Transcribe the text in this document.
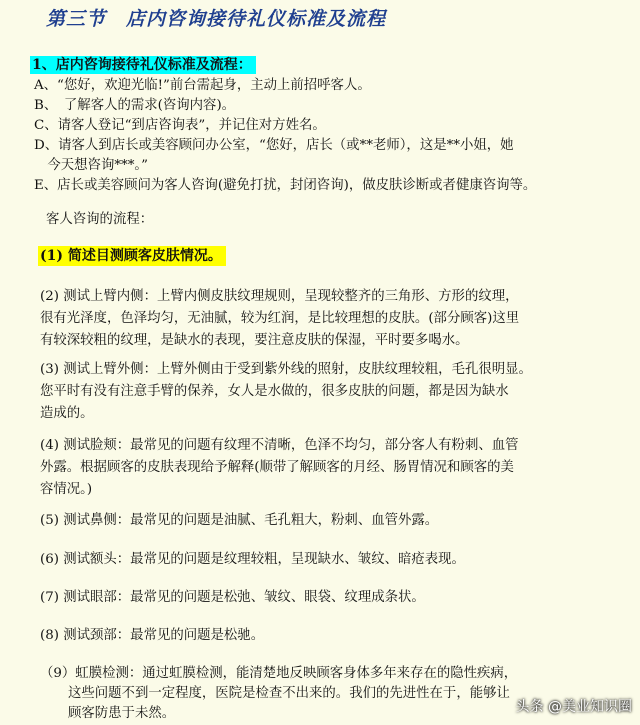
第三节　店内咨询接待礼仪标准及流程
1、店内咨询接待礼仪标准及流程：
A、“您好，欢迎光临!”前台需起身，主动上前招呼客人。
B、　了解客人的需求(咨询内容)。
C、请客人登记“到店咨询表”，并记住对方姓名。
D、请客人到店长或美容顾问办公室，“您好，店长（或**老师），这是**小姐，她
　今天想咨询***。”
E、店长或美容顾问为客人咨询(避免打扰，封闭咨询)，做皮肤诊断或者健康咨询等。
客人咨询的流程：
(1) 简述目测顾客皮肤情况。
(2) 测试上臂内侧：上臂内侧皮肤纹理规则，呈现较整齐的三角形、方形的纹理，
很有光泽度，色泽均匀，无油腻，较为红润，是比较理想的皮肤。(部分顾客)这里
有较深较粗的纹理，是缺水的表现，要注意皮肤的保湿，平时要多喝水。
(3) 测试上臂外侧：上臂外侧由于受到紫外线的照射，皮肤纹理较粗，毛孔很明显。
您平时有没有注意手臂的保养，女人是水做的，很多皮肤的问题，都是因为缺水
造成的。
(4) 测试脸颊：最常见的问题有纹理不清晰，色泽不均匀，部分客人有粉刺、血管
外露。根据顾客的皮肤表现给予解释(顺带了解顾客的月经、肠胃情况和顾客的美
容情况。)
(5) 测试鼻侧：最常见的问题是油腻、毛孔粗大，粉刺、血管外露。
(6) 测试额头：最常见的问题是纹理较粗，呈现缺水、皱纹、暗疮表现。
(7) 测试眼部：最常见的问题是松弛、皱纹、眼袋、纹理成条状。
(8) 测试颈部：最常见的问题是松驰。
（9）虹膜检测：通过虹膜检测，能清楚地反映顾客身体多年来存在的隐性疾病，
这些问题不到一定程度，医院是检查不出来的。我们的先进性在于，能够让
顾客防患于未然。	头条 @美业知识圈
